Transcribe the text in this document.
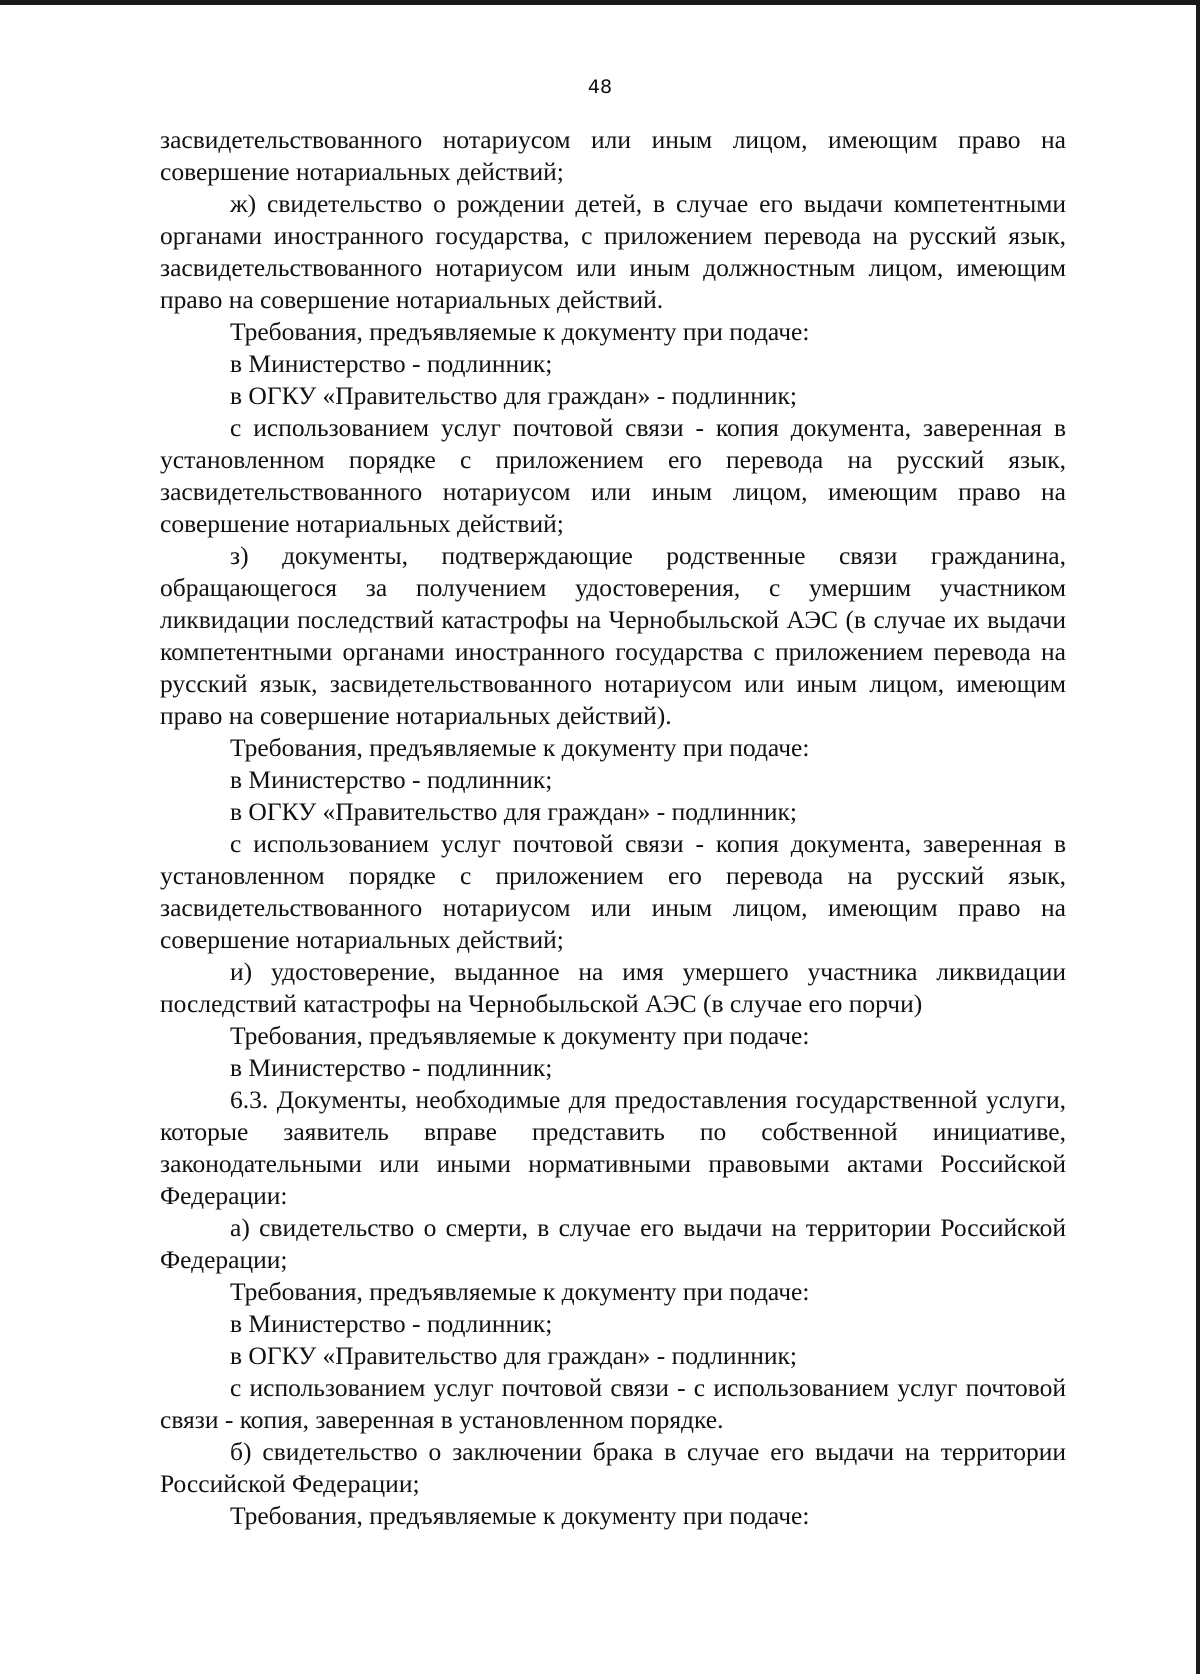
48

засвидетельствованного нотариусом или иным лицом, имеющим право на совершение нотариальных действий;

ж) свидетельство о рождении детей, в случае его выдачи компетентными органами иностранного государства, с приложением перевода на русский язык, засвидетельствованного нотариусом или иным должностным лицом, имеющим право на совершение нотариальных действий.

Требования, предъявляемые к документу при подаче:

в Министерство - подлинник;

в ОГКУ «Правительство для граждан» - подлинник;

с использованием услуг почтовой связи - копия документа, заверенная в установленном порядке с приложением его перевода на русский язык, засвидетельствованного нотариусом или иным лицом, имеющим право на совершение нотариальных действий;

з) документы, подтверждающие родственные связи гражданина, обращающегося за получением удостоверения, с умершим участником ликвидации последствий катастрофы на Чернобыльской АЭС (в случае их выдачи компетентными органами иностранного государства с приложением перевода на русский язык, засвидетельствованного нотариусом или иным лицом, имеющим право на совершение нотариальных действий).

Требования, предъявляемые к документу при подаче:

в Министерство - подлинник;

в ОГКУ «Правительство для граждан» - подлинник;

с использованием услуг почтовой связи - копия документа, заверенная в установленном порядке с приложением его перевода на русский язык, засвидетельствованного нотариусом или иным лицом, имеющим право на совершение нотариальных действий;

и) удостоверение, выданное на имя умершего участника ликвидации последствий катастрофы на Чернобыльской АЭС (в случае его порчи)

Требования, предъявляемые к документу при подаче:

в Министерство - подлинник;

6.3. Документы, необходимые для предоставления государственной услуги, которые заявитель вправе представить по собственной инициативе, законодательными или иными нормативными правовыми актами Российской Федерации:

а) свидетельство о смерти, в случае его выдачи на территории Российской Федерации;

Требования, предъявляемые к документу при подаче:

в Министерство - подлинник;

в ОГКУ «Правительство для граждан» - подлинник;

с использованием услуг почтовой связи - с использованием услуг почтовой связи - копия, заверенная в установленном порядке.

б) свидетельство о заключении брака в случае его выдачи на территории Российской Федерации;

Требования, предъявляемые к документу при подаче:
